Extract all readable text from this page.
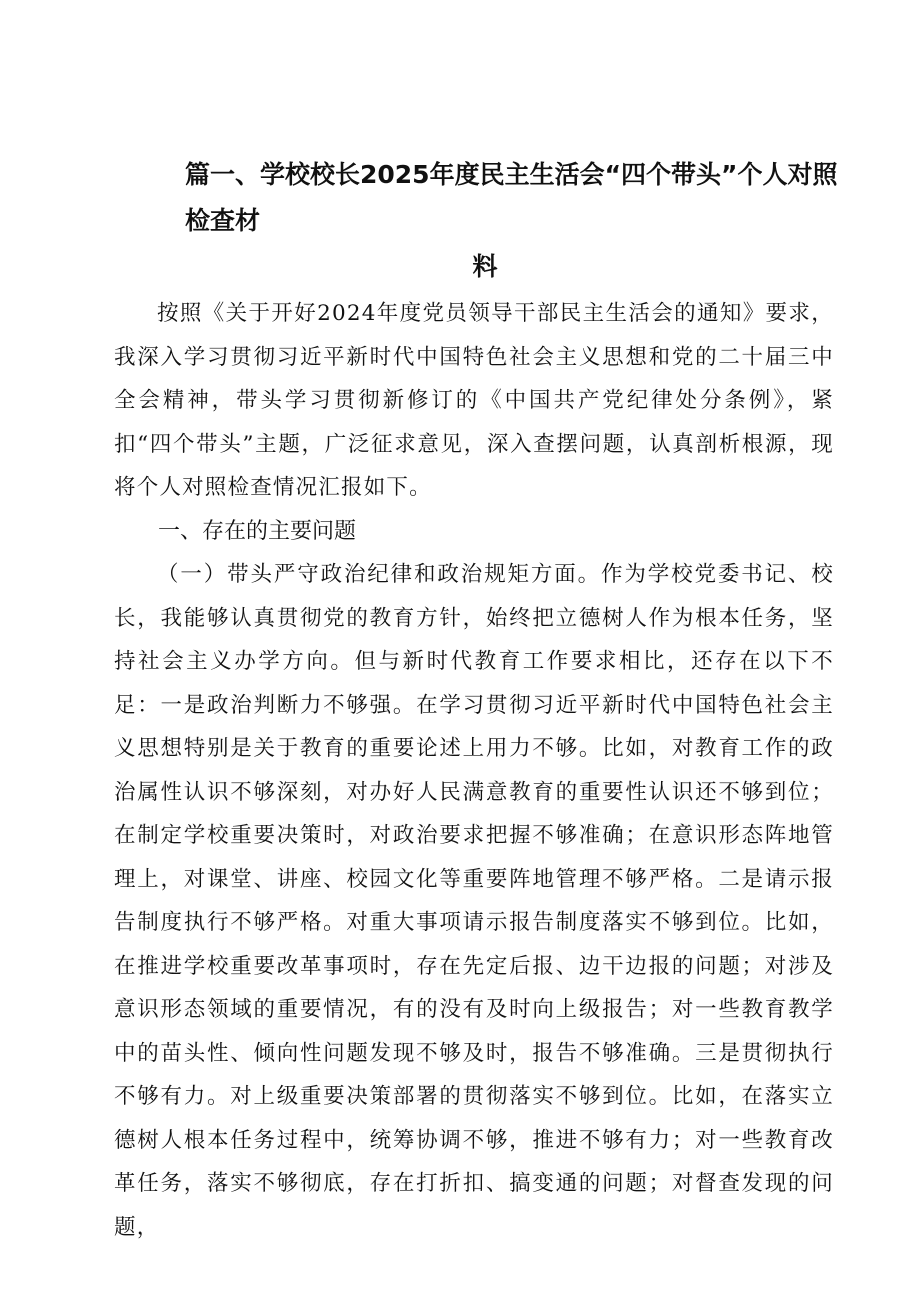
篇一、学校校长2025年度民主生活会“四个带头”个人对照检查材
料

按照《关于开好2024年度党员领导干部民主生活会的通知》要求，我深入学习贯彻习近平新时代中国特色社会主义思想和党的二十届三中全会精神，带头学习贯彻新修订的《中国共产党纪律处分条例》，紧扣“四个带头”主题，广泛征求意见，深入查摆问题，认真剖析根源，现将个人对照检查情况汇报如下。

一、存在的主要问题

（一）带头严守政治纪律和政治规矩方面。作为学校党委书记、校长，我能够认真贯彻党的教育方针，始终把立德树人作为根本任务，坚持社会主义办学方向。但与新时代教育工作要求相比，还存在以下不足：一是政治判断力不够强。在学习贯彻习近平新时代中国特色社会主义思想特别是关于教育的重要论述上用力不够。比如，对教育工作的政治属性认识不够深刻，对办好人民满意教育的重要性认识还不够到位；在制定学校重要决策时，对政治要求把握不够准确；在意识形态阵地管理上，对课堂、讲座、校园文化等重要阵地管理不够严格。二是请示报告制度执行不够严格。对重大事项请示报告制度落实不够到位。比如，在推进学校重要改革事项时，存在先定后报、边干边报的问题；对涉及意识形态领域的重要情况，有的没有及时向上级报告；对一些教育教学中的苗头性、倾向性问题发现不够及时，报告不够准确。三是贯彻执行不够有力。对上级重要决策部署的贯彻落实不够到位。比如，在落实立德树人根本任务过程中，统筹协调不够，推进不够有力；对一些教育改革任务，落实不够彻底，存在打折扣、搞变通的问题；对督查发现的问题，
